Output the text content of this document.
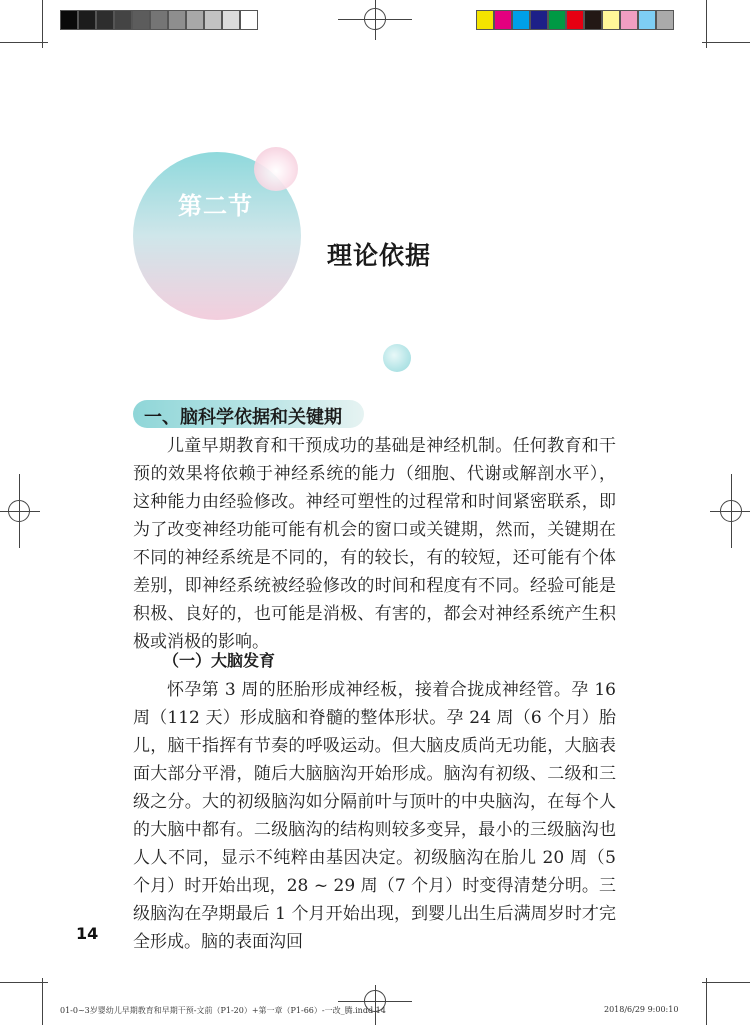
第二节
理论依据
一、脑科学依据和关键期
儿童早期教育和干预成功的基础是神经机制。任何教育和干预的效果将依赖于神经系统的能力（细胞、代谢或解剖水平），这种能力由经验修改。神经可塑性的过程常和时间紧密联系，即为了改变神经功能可能有机会的窗口或关键期，然而，关键期在不同的神经系统是不同的，有的较长，有的较短，还可能有个体差别，即神经系统被经验修改的时间和程度有不同。经验可能是积极、良好的，也可能是消极、有害的，都会对神经系统产生积极或消极的影响。
（一）大脑发育
怀孕第 3 周的胚胎形成神经板，接着合拢成神经管。孕 16 周（112 天）形成脑和脊髓的整体形状。孕 24 周（6 个月）胎儿，脑干指挥有节奏的呼吸运动。但大脑皮质尚无功能，大脑表面大部分平滑，随后大脑脑沟开始形成。脑沟有初级、二级和三级之分。大的初级脑沟如分隔前叶与顶叶的中央脑沟，在每个人的大脑中都有。二级脑沟的结构则较多变异，最小的三级脑沟也人人不同，显示不纯粹由基因决定。初级脑沟在胎儿 20 周（5 个月）时开始出现，28 ~ 29 周（7 个月）时变得清楚分明。三级脑沟在孕期最后 1 个月开始出现，到婴儿出生后满周岁时才完全形成。脑的表面沟回
14
01-0~3岁婴幼儿早期教育和早期干预-文前（P1-20）+第一章（P1-66）-一改_腾.indd 14	2018/6/29 9:00:10
